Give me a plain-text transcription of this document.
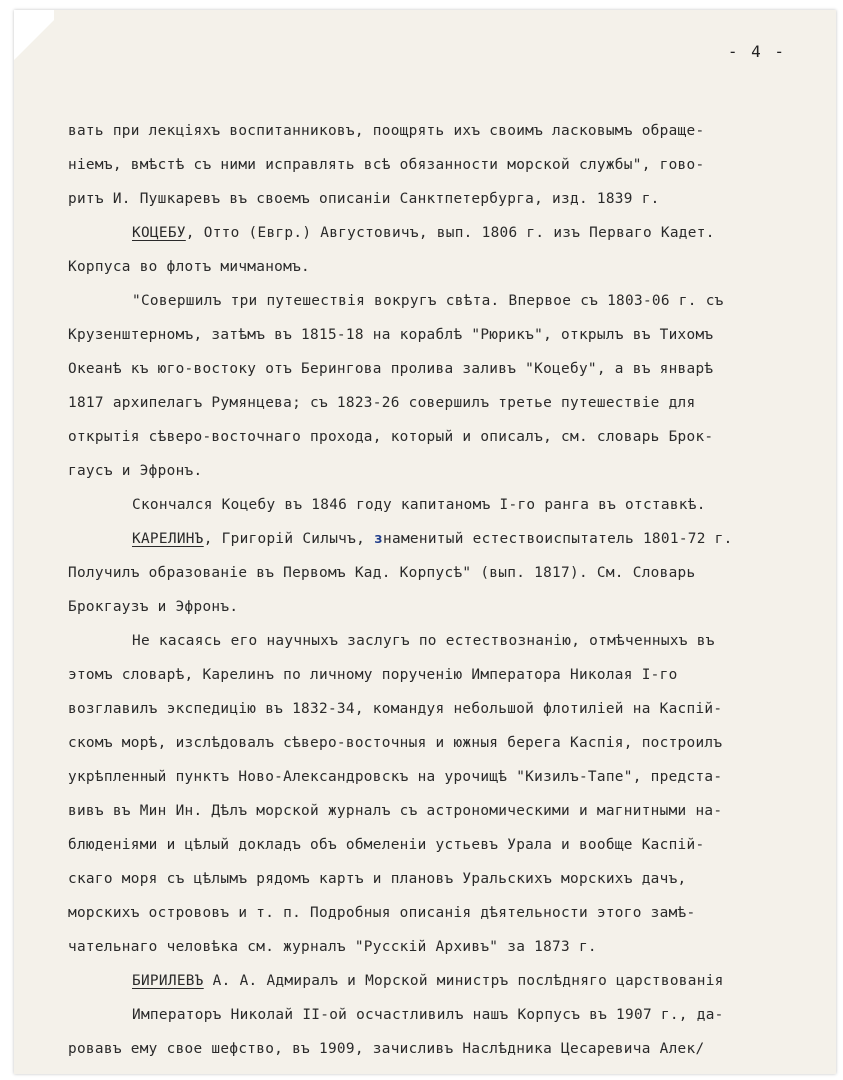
- 4 -
вать при лекціяхъ воспитанниковъ, поощрять ихъ своимъ ласковымъ обраще-
ніемъ, вмѣстѣ съ ними исправлять всѣ обязанности морской службы", гово-
ритъ И. Пушкаревъ въ своемъ описаніи Санктпетербурга, изд. 1839 г.
КОЦЕБУ, Отто (Евгр.) Августовичъ, вып. 1806 г. изъ Перваго Кадет.
Корпуса во флотъ мичманомъ.
"Совершилъ три путешествія вокругъ свѣта. Впервое съ 1803-06 г. съ
Крузенштерномъ, затѣмъ въ 1815-18 на кораблѣ "Рюрикъ", открылъ въ Тихомъ
Океанѣ къ юго-востоку отъ Берингова пролива заливъ "Коцебу", а въ январѣ
1817 архипелагъ Румянцева; съ 1823-26 совершилъ третье путешествіе для
открытія сѣверо-восточнаго прохода, который и описалъ, см. словарь Брок-
гаусъ и Эфронъ.
Скончался Коцебу въ 1846 году капитаномъ I-го ранга въ отставкѣ.
КАРЕЛИНЪ, Григорій Силычъ, знаменитый естествоиспытатель 1801-72 г.
Получилъ образованіе въ Первомъ Кад. Корпусѣ" (вып. 1817). См. Словарь
Брокгаузъ и Эфронъ.
Не касаясь его научныхъ заслугъ по естествознанію, отмѣченныхъ въ
этомъ словарѣ, Карелинъ по личному порученію Императора Николая I-го
возглавилъ экспедицію въ 1832-34, командуя небольшой флотиліей на Каспій-
скомъ морѣ, изслѣдовалъ сѣверо-восточныя и южныя берега Каспія, построилъ
укрѣпленный пунктъ Ново-Александровскъ на урочищѣ "Кизилъ-Тапе", предста-
вивъ въ Мин Ин. Дѣлъ морской журналъ съ астрономическими и магнитными на-
блюденіями и цѣлый докладъ объ обмеленіи устьевъ Урала и вообще Каспій-
скаго моря съ цѣлымъ рядомъ картъ и плановъ Уральскихъ морскихъ дачъ,
морскихъ острововъ и т. п. Подробныя описанія дѣятельности этого замѣ-
чательнаго человѣка см. журналъ "Русскій Архивъ" за 1873 г.
БИРИЛЕВЪ А. А. Адмиралъ и Морской министръ послѣдняго царствованія
Императоръ Николай II-ой осчастливилъ нашъ Корпусъ въ 1907 г., да-
ровавъ ему свое шефство, въ 1909, зачисливъ Наслѣдника Цесаревича Алек/
